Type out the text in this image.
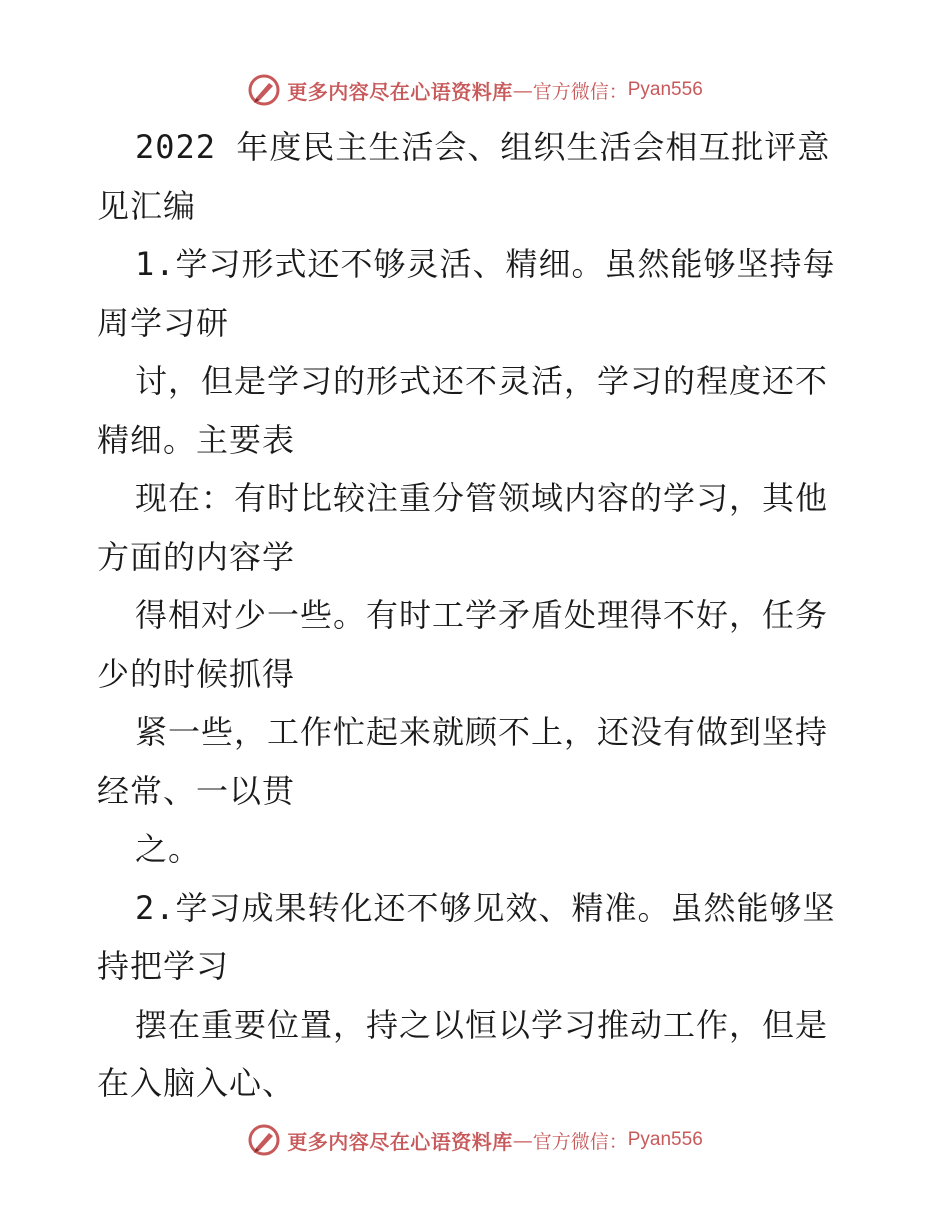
更多内容尽在心语资料库 — 官方微信： Pyan556
2022 年度民主生活会、组织生活会相互批评意
见汇编
1.学习形式还不够灵活、精细。虽然能够坚持每
周学习研
讨，但是学习的形式还不灵活，学习的程度还不
精细。主要表
现在：有时比较注重分管领域内容的学习，其他
方面的内容学
得相对少一些。有时工学矛盾处理得不好，任务
少的时候抓得
紧一些，工作忙起来就顾不上，还没有做到坚持
经常、一以贯
之。
2.学习成果转化还不够见效、精准。虽然能够坚
持把学习
摆在重要位置，持之以恒以学习推动工作，但是
在入脑入心、
更多内容尽在心语资料库 — 官方微信： Pyan556
